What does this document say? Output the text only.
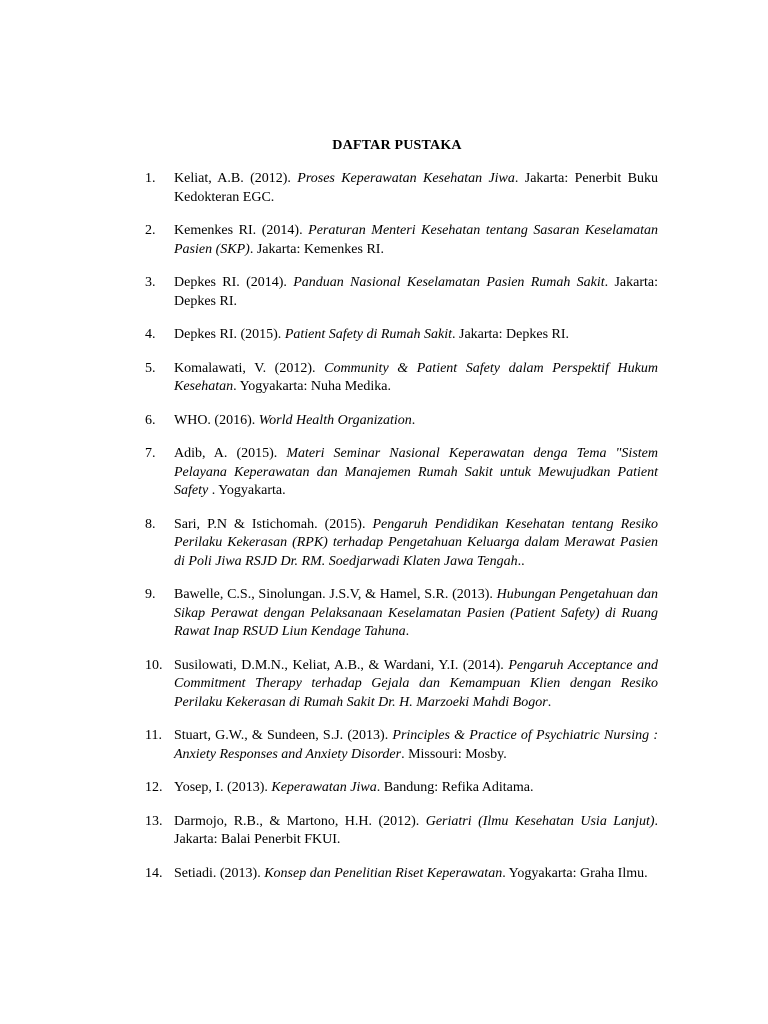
DAFTAR PUSTAKA
1.	Keliat, A.B. (2012). Proses Keperawatan Kesehatan Jiwa. Jakarta: Penerbit Buku Kedokteran EGC.
2.	Kemenkes RI. (2014). Peraturan Menteri Kesehatan tentang Sasaran Keselamatan Pasien (SKP). Jakarta: Kemenkes RI.
3.	Depkes RI. (2014). Panduan Nasional Keselamatan Pasien Rumah Sakit. Jakarta: Depkes RI.
4.	Depkes RI. (2015). Patient Safety di Rumah Sakit. Jakarta: Depkes RI.
5.	Komalawati, V. (2012). Community & Patient Safety dalam Perspektif Hukum Kesehatan. Yogyakarta: Nuha Medika.
6.	WHO. (2016). World Health Organization.
7.	Adib, A. (2015). Materi Seminar Nasional Keperawatan denga Tema "Sistem Pelayana Keperawatan dan Manajemen Rumah Sakit untuk Mewujudkan Patient Safety . Yogyakarta.
8.	Sari, P.N & Istichomah. (2015). Pengaruh Pendidikan Kesehatan tentang Resiko Perilaku Kekerasan (RPK) terhadap Pengetahuan Keluarga dalam Merawat Pasien di Poli Jiwa RSJD Dr. RM. Soedjarwadi Klaten Jawa Tengah..
9.	Bawelle, C.S., Sinolungan. J.S.V, & Hamel, S.R. (2013). Hubungan Pengetahuan dan Sikap Perawat dengan Pelaksanaan Keselamatan Pasien (Patient Safety) di Ruang Rawat Inap RSUD Liun Kendage Tahuna.
10. Susilowati, D.M.N., Keliat, A.B., & Wardani, Y.I. (2014). Pengaruh Acceptance and Commitment Therapy terhadap Gejala dan Kemampuan Klien dengan Resiko Perilaku Kekerasan di Rumah Sakit Dr. H. Marzoeki Mahdi Bogor.
11. Stuart, G.W., & Sundeen, S.J. (2013). Principles & Practice of Psychiatric Nursing : Anxiety Responses and Anxiety Disorder. Missouri: Mosby.
12. Yosep, I. (2013). Keperawatan Jiwa. Bandung: Refika Aditama.
13. Darmojo, R.B., & Martono, H.H. (2012). Geriatri (Ilmu Kesehatan Usia Lanjut). Jakarta: Balai Penerbit FKUI.
14. Setiadi. (2013). Konsep dan Penelitian Riset Keperawatan. Yogyakarta: Graha Ilmu.
